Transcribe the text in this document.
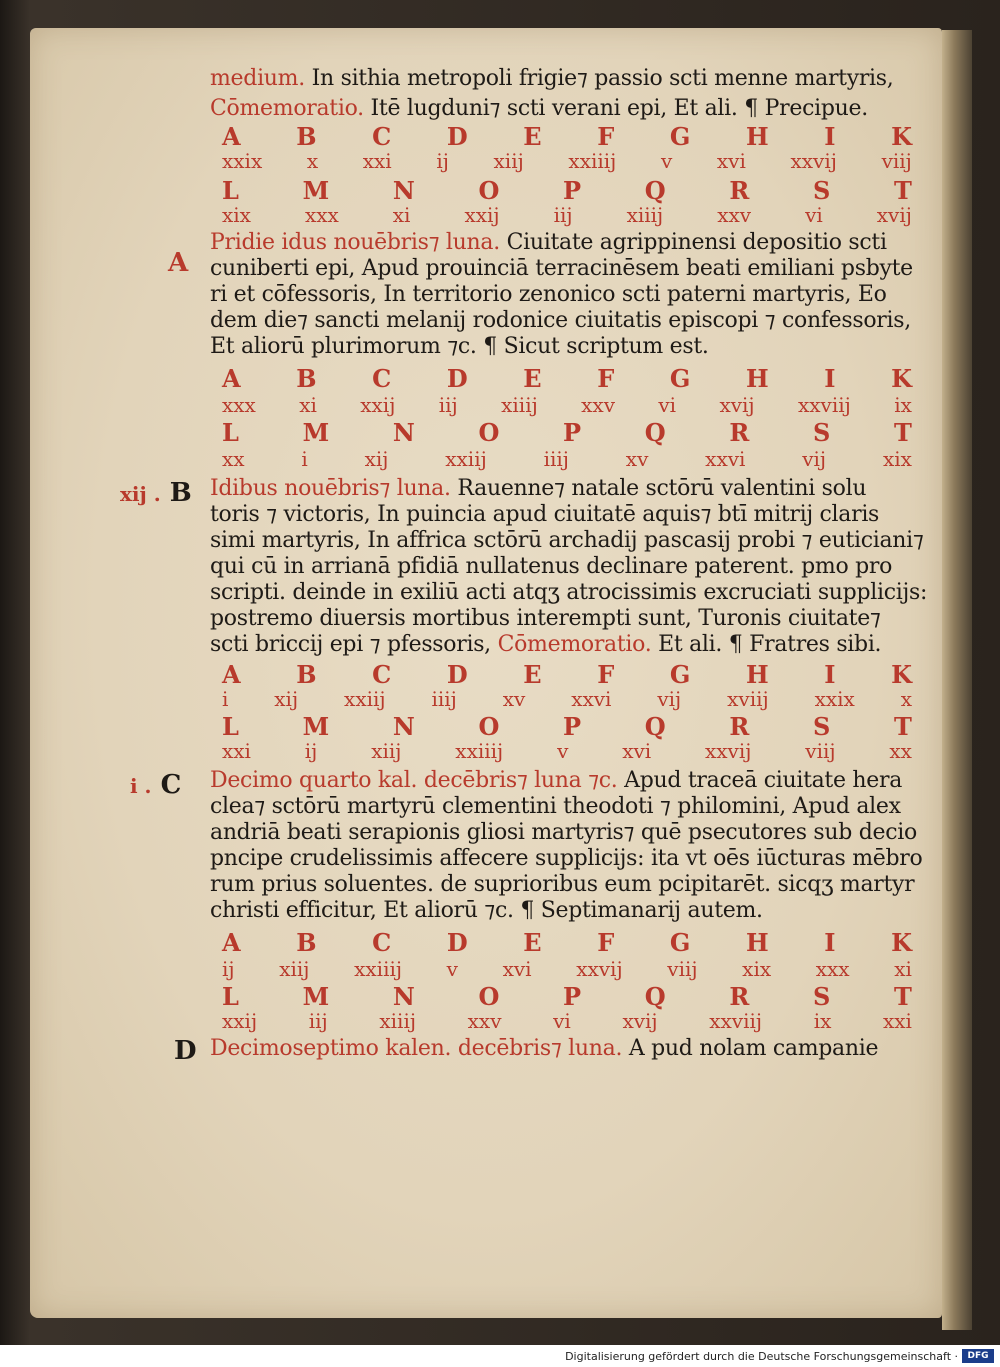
medium. In sithia metropoli frigie⁊ passio scti menne martyris,
Cōmemoratio. Itē lugduni⁊ scti verani epi, Et ali. ¶ Precipue.
A B C D E F G H I K
xxix x xxi ij xiij xxiiij v xvi xxvij viij
L	M	N	O	P	Q	R	S	T
xix	xxx	xi	xxij	iij	xiiij	xxv	vi	xvij
A
Pridie idus nouēbris⁊ luna. Ciuitate agrippinensi depositio scti
cuniberti epi, Apud prouinciā terracinēsem beati emiliani psbyte
ri et cōfessoris, In territorio zenonico scti paterni martyris, Eo
dem die⁊ sancti melanij rodonice ciuitatis episcopi ⁊ confessoris,
Et aliorū plurimorum ⁊c. ¶ Sicut scriptum est.
A B C D E F G H I K
xxx xi xxij iij xiiij xxv vi xvij xxviij ix
L	M	N	O	P	Q	R	S	T
xx	i	xij	xxiij	iiij	xv	xxvi	vij	xix
xij . B Idibus nouēbris⁊ luna. Rauenne⁊ natale sctōrū valentini solu
toris ⁊ victoris, In puincia apud ciuitatē aquis⁊ btī mitrij claris
simi martyris, In affrica sctōrū archadij pascasij probi ⁊ euticiani⁊
qui cū in arrianā pfidiā nullatenus declinare paterent. pmo pro
scripti. deinde in exiliū acti atqʒ atrocissimis excruciati supplicijs:
postremo diuersis mortibus interempti sunt, Turonis ciuitate⁊
scti briccij epi ⁊ pfessoris, Cōmemoratio. Et ali. ¶ Fratres sibi.
A B C D E F G H I K
i xij xxiij iiij xv xxvi vij xviij xxix x
L	M	N	O	P	Q	R	S	T
xxi	ij	xiij	xxiiij	v	xvi	xxvij	viij	xx
i . C Decimo quarto kal. decēbris⁊ luna ⁊c. Apud traceā ciuitate hera
clea⁊ sctōrū martyrū clementini theodoti ⁊ philomini, Apud alex
andriā beati serapionis gliosi martyris⁊ quē psecutores sub decio
pncipe crudelissimis affecere supplicijs: ita vt oēs iūcturas mēbro
rum prius soluentes. de suprioribus eum pcipitarēt. sicqʒ martyr
christi efficitur, Et aliorū ⁊c. ¶ Septimanarij autem.
A B C D E F G H I K
ij xiij xxiiij v xvi xxvij viij xix xxx xi
L	M	N	O	P	Q	R	S	T
xxij	iij	xiiij	xxv	vi	xvij	xxviij	ix	xxi
D Decimoseptimo kalen. decēbris⁊ luna. A pud nolam campanie
Digitalisierung gefördert durch die Deutsche Forschungsgemeinschaft ·	DFG
